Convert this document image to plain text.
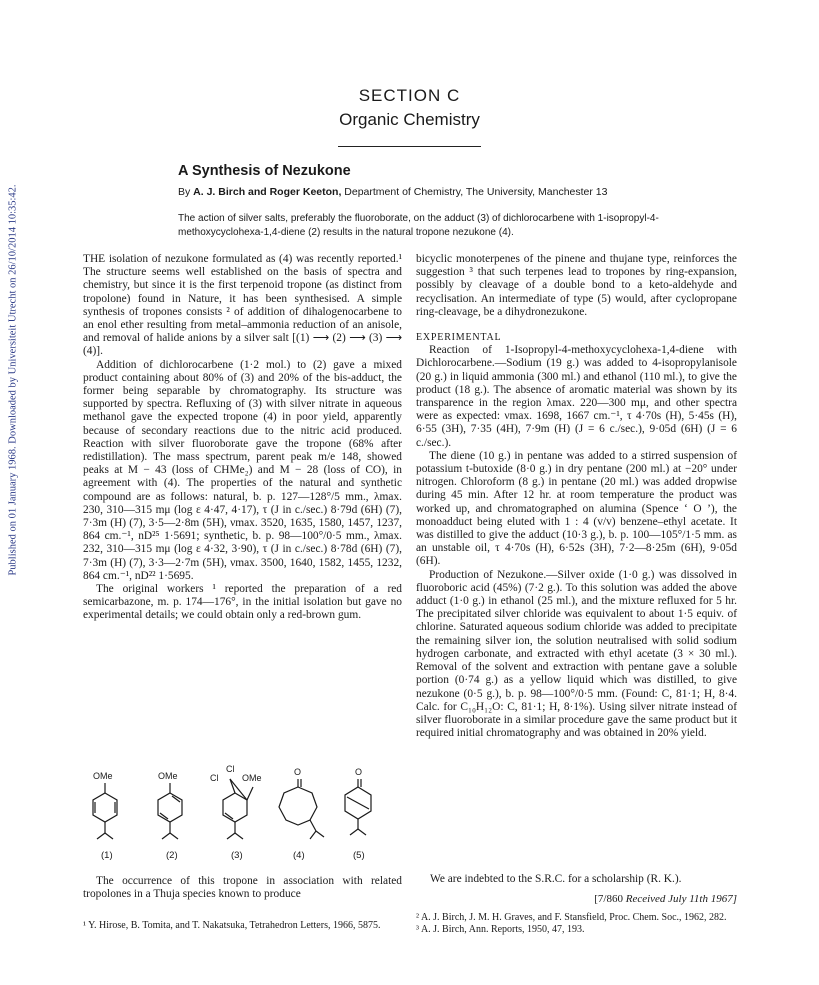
Published on 01 January 1968. Downloaded by Universiteit Utrecht on 26/10/2014 10:35:42.
SECTION C
Organic Chemistry
A Synthesis of Nezukone
By A. J. Birch and Roger Keeton, Department of Chemistry, The University, Manchester 13
The action of silver salts, preferably the fluoroborate, on the adduct (3) of dichlorocarbene with 1-isopropyl-4-methoxycyclohexa-1,4-diene (2) results in the natural tropone nezukone (4).

THE isolation of nezukone formulated as (4) was recently reported.¹ The structure seems well established on the basis of spectra and chemistry, but since it is the first terpenoid tropone (as distinct from tropolone) found in Nature, it has been synthesised. A simple synthesis of tropones consists ² of addition of dihalogenocarbene to an enol ether resulting from metal–ammonia reduction of an anisole, and removal of halide anions by a silver salt [(1) ⟶ (2) ⟶ (3) ⟶ (4)].

Addition of dichlorocarbene (1·2 mol.) to (2) gave a mixed product containing about 80% of (3) and 20% of the bis-adduct, the former being separable by chromatography. Its structure was supported by spectra. Refluxing of (3) with silver nitrate in aqueous methanol gave the expected tropone (4) in poor yield, apparently because of secondary reactions due to the nitric acid produced. Reaction with silver fluoroborate gave the tropone (68% after redistillation). The mass spectrum, parent peak m/e 148, showed peaks at M − 43 (loss of CHMe₂) and M − 28 (loss of CO), in agreement with (4). The properties of the natural and synthetic compound are as follows: natural, b. p. 127—128°/5 mm., λmax. 230, 310—315 mμ (log ε 4·47, 4·17), τ (J in c./sec.) 8·79d (6H) (7), 7·3m (H) (7), 3·5—2·8m (5H), νmax. 3520, 1635, 1580, 1457, 1237, 864 cm.⁻¹, nD²⁵ 1·5691; synthetic, b. p. 98—100°/0·5 mm., λmax. 232, 310—315 mμ (log ε 4·32, 3·90), τ (J in c./sec.) 8·78d (6H) (7), 7·3m (H) (7), 3·3—2·7m (5H), νmax. 3500, 1640, 1582, 1455, 1232, 864 cm.⁻¹, nD²² 1·5695.

The original workers ¹ reported the preparation of a red semicarbazone, m. p. 174—176°, in the initial isolation but gave no experimental details; we could obtain only a red-brown gum.

OMe	OMe	Cl
Cl
OMe
O	O
(1)	(2)	(3)	(4)	(5)
The occurrence of this tropone in association with related tropolones in a Thuja species known to produce

bicyclic monoterpenes of the pinene and thujane type, reinforces the suggestion ³ that such terpenes lead to tropones by ring-expansion, possibly by cleavage of a double bond to a keto-aldehyde and recyclisation. An intermediate of type (5) would, after cyclopropane ring-cleavage, be a dihydronezukone.

EXPERIMENTAL

Reaction of 1-Isopropyl-4-methoxycyclohexa-1,4-diene with Dichlorocarbene.—Sodium (19 g.) was added to 4-isopropylanisole (20 g.) in liquid ammonia (300 ml.) and ethanol (110 ml.), to give the product (18 g.). The absence of aromatic material was shown by its transparence in the region λmax. 220—300 mμ, and other spectra were as expected: νmax. 1698, 1667 cm.⁻¹, τ 4·70s (H), 5·45s (H), 6·55 (3H), 7·35 (4H), 7·9m (H) (J = 6 c./sec.), 9·05d (6H) (J = 6 c./sec.).

The diene (10 g.) in pentane was added to a stirred suspension of potassium t-butoxide (8·0 g.) in dry pentane (200 ml.) at −20° under nitrogen. Chloroform (8 g.) in pentane (20 ml.) was added dropwise during 45 min. After 12 hr. at room temperature the product was worked up, and chromatographed on alumina (Spence ‘ O ’), the monoadduct being eluted with 1 : 4 (v/v) benzene–ethyl acetate. It was distilled to give the adduct (10·3 g.), b. p. 100—105°/1·5 mm. as an unstable oil, τ 4·70s (H), 6·52s (3H), 7·2—8·25m (6H), 9·05d (6H).

Production of Nezukone.—Silver oxide (1·0 g.) was dissolved in fluoroboric acid (45%) (7·2 g.). To this solution was added the above adduct (1·0 g.) in ethanol (25 ml.), and the mixture refluxed for 5 hr. The precipitated silver chloride was equivalent to about 1·5 equiv. of chlorine. Saturated aqueous sodium chloride was added to precipitate the remaining silver ion, the solution neutralised with solid sodium hydrogen carbonate, and extracted with ethyl acetate (3 × 30 ml.). Removal of the solvent and extraction with pentane gave a soluble portion (0·74 g.) as a yellow liquid which was distilled, to give nezukone (0·5 g.), b. p. 98—100°/0·5 mm. (Found: C, 81·1; H, 8·4. Calc. for C₁₀H₁₂O: C, 81·1; H, 8·1%). Using silver nitrate instead of silver fluoroborate in a similar procedure gave the same product but it required initial chromatography and was obtained in 20% yield.

We are indebted to the S.R.C. for a scholarship (R. K.).
[7/860 Received July 11th 1967]
¹ Y. Hirose, B. Tomita, and T. Nakatsuka, Tetrahedron Letters, 1966, 5875.
² A. J. Birch, J. M. H. Graves, and F. Stansfield, Proc. Chem. Soc., 1962, 282.
³ A. J. Birch, Ann. Reports, 1950, 47, 193.
